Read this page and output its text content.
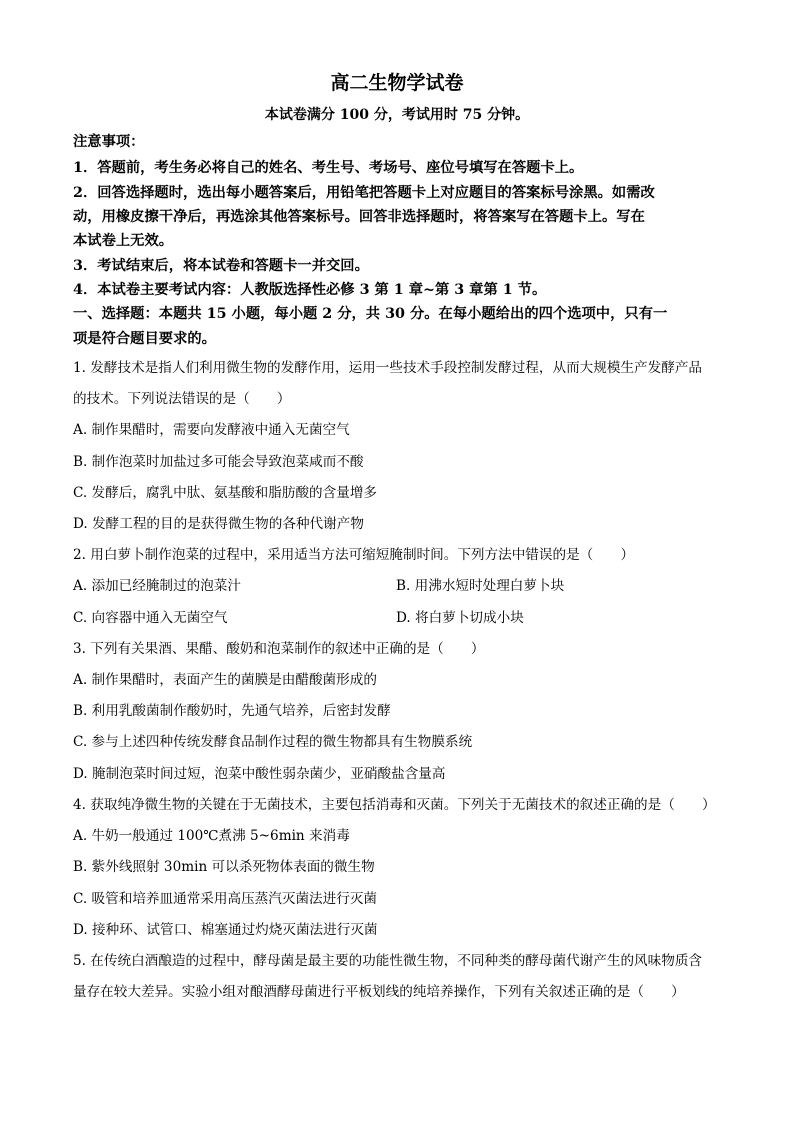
高二生物学试卷
本试卷满分 100 分，考试用时 75 分钟。
注意事项：
1．答题前，考生务必将自己的姓名、考生号、考场号、座位号填写在答题卡上。
2．回答选择题时，选出每小题答案后，用铅笔把答题卡上对应题目的答案标号涂黑。如需改
动，用橡皮擦干净后，再选涂其他答案标号。回答非选择题时，将答案写在答题卡上。写在
本试卷上无效。
3．考试结束后，将本试卷和答题卡一并交回。
4．本试卷主要考试内容：人教版选择性必修 3 第 1 章~第 3 章第 1 节。
一、选择题：本题共 15 小题，每小题 2 分，共 30 分。在每小题给出的四个选项中，只有一
项是符合题目要求的。
1. 发酵技术是指人们利用微生物的发酵作用，运用一些技术手段控制发酵过程，从而大规模生产发酵产品
的技术。下列说法错误的是（　　）
A. 制作果醋时，需要向发酵液中通入无菌空气
B. 制作泡菜时加盐过多可能会导致泡菜咸而不酸
C. 发酵后，腐乳中肽、氨基酸和脂肪酸的含量增多
D. 发酵工程的目的是获得微生物的各种代谢产物
2. 用白萝卜制作泡菜的过程中，采用适当方法可缩短腌制时间。下列方法中错误的是（　　）
A. 添加已经腌制过的泡菜汁	B. 用沸水短时处理白萝卜块
C. 向容器中通入无菌空气	D. 将白萝卜切成小块
3. 下列有关果酒、果醋、酸奶和泡菜制作的叙述中正确的是（　　）
A. 制作果醋时，表面产生的菌膜是由醋酸菌形成的
B. 利用乳酸菌制作酸奶时，先通气培养，后密封发酵
C. 参与上述四种传统发酵食品制作过程的微生物都具有生物膜系统
D. 腌制泡菜时间过短，泡菜中酸性弱杂菌少，亚硝酸盐含量高
4. 获取纯净微生物的关键在于无菌技术，主要包括消毒和灭菌。下列关于无菌技术的叙述正确的是（　　）
A. 牛奶一般通过 100℃煮沸 5~6min 来消毒
B. 紫外线照射 30min 可以杀死物体表面的微生物
C. 吸管和培养皿通常采用高压蒸汽灭菌法进行灭菌
D. 接种环、试管口、棉塞通过灼烧灭菌法进行灭菌
5. 在传统白酒酿造的过程中，酵母菌是最主要的功能性微生物，不同种类的酵母菌代谢产生的风味物质含
量存在较大差异。实验小组对酿酒酵母菌进行平板划线的纯培养操作，下列有关叙述正确的是（　　）
